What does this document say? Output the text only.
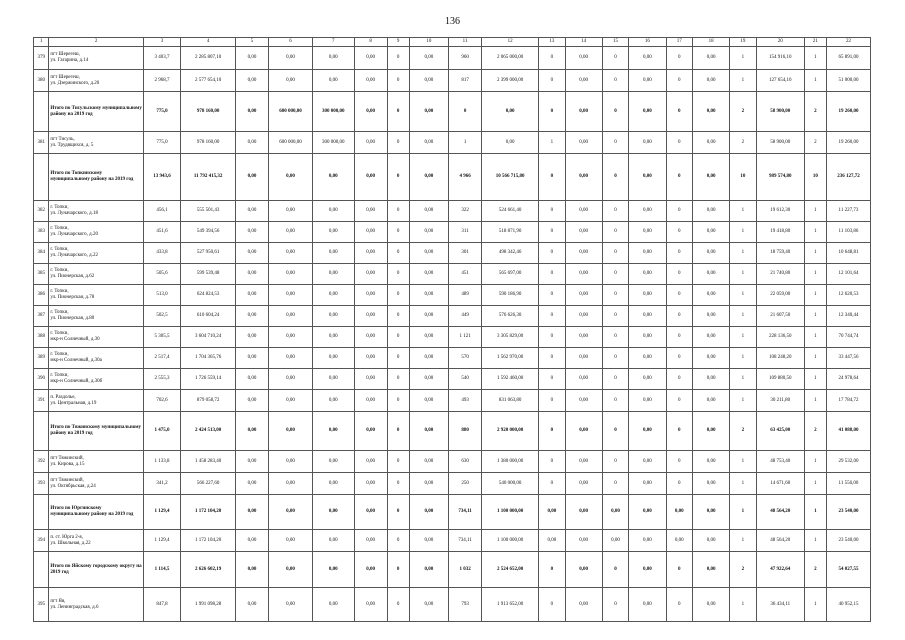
136
1	2	3	4	5	6	7	8	9	10	11	12	13	14	15	16	17	18	19	20	21	22
379	пгт Шерегеш,
ул. Гагарина, д.14	3 403,7	2 285 807,10	0,00	0,00	0,00	0,00	0	0,00	960	2 065 000,00	0	0,00	0	0,00	0	0,00	1	154 916,10	1	65 891,00
380	пгт Шерегеш,
ул. Дзержинского, д.20	2 968,7	2 577 654,10	0,00	0,00	0,00	0,00	0	0,00	817	2 399 000,00	0	0,00	0	0,00	0	0,00	1	127 654,10	1	51 000,00
	Итого по Тисульскому муниципальному району на 2019 год	775,0	978 160,00	0,00	600 000,00	300 000,00	0,00	0	0,00	0	0,00	0	0,00	0	0,00	0	0,00	2	58 900,00	2	19 260,00
381	пгт Тисуль,
ул. Трудящихся, д. 5	775,0	978 160,00	0,00	600 000,00	300 000,00	0,00	0	0,00	1	0,00	1	0,00	0	0,00	0	0,00	2	58 900,00	2	19 260,00
	Итого по Топкинскому муниципальному району на 2019 год	13 943,6	11 792 415,32	0,00	0,00	0,00	0,00	0	0,00	4 966	10 566 715,80	0	0,00	0	0,00	0	0,00	10	989 574,80	10	236 127,72
382	г. Топки,
ул. Луначарского, д.18	456,1	555 501,43	0,00	0,00	0,00	0,00	0	0,00	322	524 661,40	0	0,00	0	0,00	0	0,00	1	19 612,30	1	11 227,73
383	г. Топки,
ул. Луначарского, д.20	451,6	549 394,56	0,00	0,00	0,00	0,00	0	0,00	311	518 871,90	0	0,00	0	0,00	0	0,00	1	19 418,80	1	11 103,86
384	г. Топки,
ул. Луначарского, д.22	433,8	527 950,61	0,00	0,00	0,00	0,00	0	0,00	301	498 342,46	0	0,00	0	0,00	0	0,00	1	18 759,40	1	10 648,81
385	г. Топки,
ул. Пионерская, д.62	505,6	599 539,48	0,00	0,00	0,00	0,00	0	0,00	451	565 697,00	0	0,00	0	0,00	0	0,00	1	21 740,80	1	12 101,64
386	г. Топки,
ул. Пионерская, д.78	513,0	624 824,53	0,00	0,00	0,00	0,00	0	0,00	489	590 186,90	0	0,00	0	0,00	0	0,00	1	22 059,00	1	12 620,53
387	г. Топки,
ул. Пионерская, д.80	502,5	610 604,24	0,00	0,00	0,00	0,00	0	0,00	449	576 626,30	0	0,00	0	0,00	0	0,00	1	21 607,50	1	12 340,44
388	г. Топки,
мкр-н Солнечный, д.30	5 305,5	3 604 710,24	0,00	0,00	0,00	0,00	0	0,00	1 121	3 305 829,00	0	0,00	0	0,00	0	0,00	1	228 136,50	1	70 744,74
389	г. Топки,
мкр-н Солнечный, д.30а	2 517,4	1 704 365,76	0,00	0,00	0,00	0,00	0	0,00	570	1 562 970,00	0	0,00	0	0,00	0	0,00	1	108 248,20	1	33 447,56
390	г. Топки,
мкр-н Солнечный, д.30б	2 555,3	1 726 559,14	0,00	0,00	0,00	0,00	0	0,00	540	1 592 460,00	0	0,00	0	0,00	0	0,00	1	109 880,50	1	24 978,64
391	п. Раздолье,
ул. Центральная, д.19	702,6	879 058,72	0,00	0,00	0,00	0,00	0	0,00	493	831 063,80	0	0,00	0	0,00	0	0,00	1	30 211,80	1	17 784,72
	Итого по Тяжинскому муниципальному району на 2019 год	1 475,0	2 424 513,00	0,00	0,00	0,00	0,00	0	0,00	880	2 920 000,00	0	0,00	0	0,00	0	0,00	2	63 425,00	2	41 088,00
392	пгт Тяжинский,
ул. Кирова, д.15	1 133,8	1 458 283,40	0,00	0,00	0,00	0,00	0	0,00	630	1 380 000,00	0	0,00	0	0,00	0	0,00	1	48 753,40	1	29 532,00
393	пгт Тяжинский,
ул. Октябрьская, д.24	341,2	566 227,60	0,00	0,00	0,00	0,00	0	0,00	250	540 000,00	0	0,00	0	0,00	0	0,00	1	14 671,60	1	11 556,00
	Итого по Юргинскому муниципальному району на 2019 год	1 129,4	1 172 104,20	0,00	0,00	0,00	0,00	0	0,00	734,11	1 100 000,00	0,00	0,00	0,00	0,00	0,00	0,00	1	48 564,20	1	23 540,00
394	п. ст. Юрга 2-я,
ул. Школьная, д.22	1 129,4	1 172 104,20	0,00	0,00	0,00	0,00	0	0,00	734,11	1 100 000,00	0,00	0,00	0,00	0,00	0,00	0,00	1	48 564,20	1	23 540,00
	Итого по Яйскому городскому округу на 2019 год	1 114,5	2 626 602,19	0,00	0,00	0,00	0,00	0	0,00	1 032	2 524 652,00	0	0,00	0	0,00	0	0,00	2	47 922,64	2	54 027,55
395	пгт Яя,
ул. Ленинградская, д.6	847,8	1 991 098,28	0,00	0,00	0,00	0,00	0	0,00	793	1 913 652,00	0	0,00	0	0,00	0	0,00	1	36 434,11	1	40 952,15
